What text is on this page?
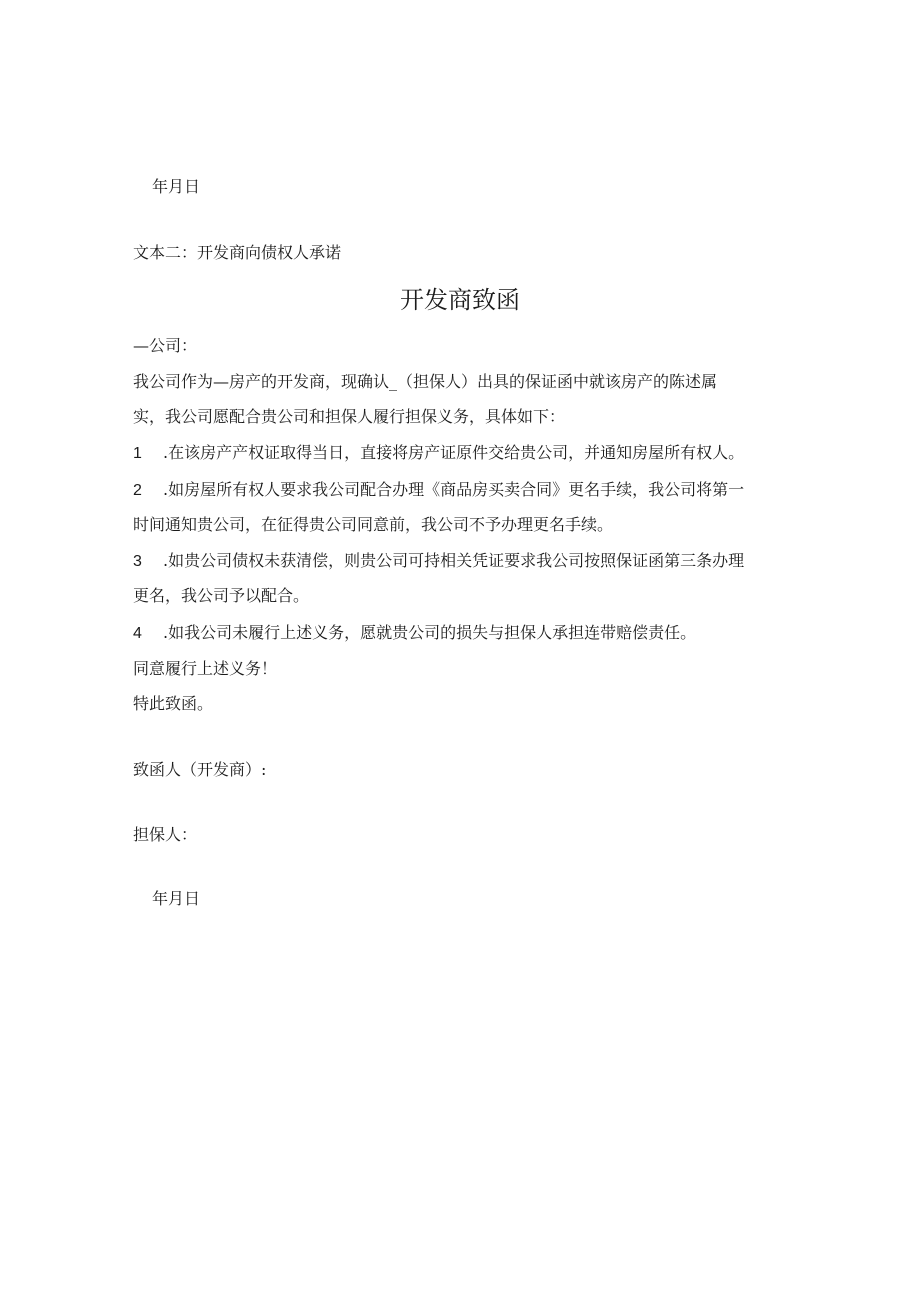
年月日
文本二：开发商向债权人承诺
开发商致函
—公司：
我公司作为—房产的开发商，现确认_（担保人）出具的保证函中就该房产的陈述属
实，我公司愿配合贵公司和担保人履行担保义务，具体如下：
1 .在该房产产权证取得当日，直接将房产证原件交给贵公司，并通知房屋所有权人。
2 .如房屋所有权人要求我公司配合办理《商品房买卖合同》更名手续，我公司将第一
时间通知贵公司，在征得贵公司同意前，我公司不予办理更名手续。
3 .如贵公司债权未获清偿，则贵公司可持相关凭证要求我公司按照保证函第三条办理
更名，我公司予以配合。
4 .如我公司未履行上述义务，愿就贵公司的损失与担保人承担连带赔偿责任。
同意履行上述义务！
特此致函。
致函人（开发商）:
担保人：
年月日
